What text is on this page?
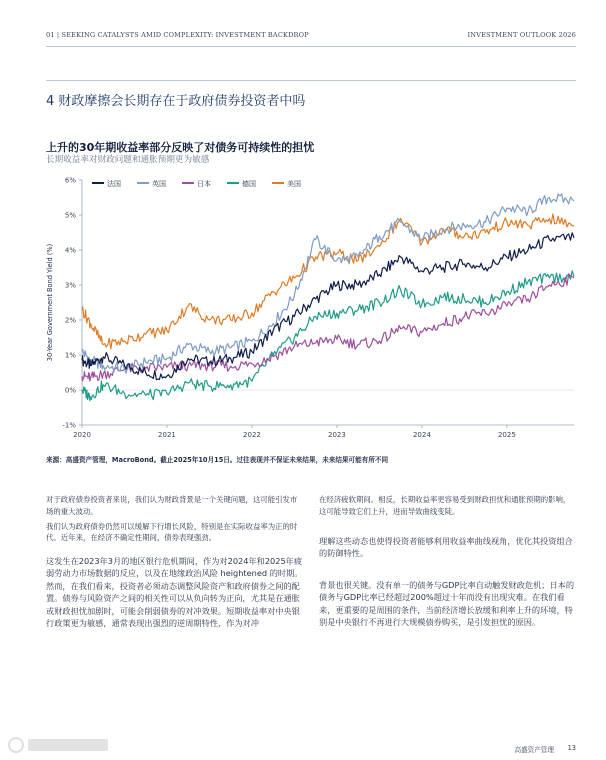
01 | SEEKING CATALYSTS AMID COMPLEXITY: INVESTMENT BACKDROP	INVESTMENT OUTLOOK 2026
4 财政摩擦会长期存在于政府债券投资者中吗
上升的30年期收益率部分反映了对债务可持续性的担忧
长期收益率对财政问题和通胀预期更为敏感
-1%
0%
1%
2%
3%
4%
5%
6%
2020	2021	2022	2023	2024	2025
30-Year Government Bond Yield (%)
法国	英国	日本	德国	美国
来源：高盛资产管理，MacroBond。截止2025年10月15日。过往表现并不保证未来结果，未来结果可能有所不同

对于政府债券投资者来说，我们认为财政背景是一个关键问题，这可能引发市场的重大波动。

我们认为政府债券仍然可以缓解下行增长风险，特别是在实际收益率为正的时代。近年来，在经济不确定性期间，债券表现强劲。

这发生在2023年3月的地区银行危机期间，作为对2024年和2025年疲弱劳动力市场数据的反应，以及在地缘政治风险 heightened 的时期。然而，在我们看来，投资者必须动态调整风险资产和政府债券之间的配置。债券与风险资产之间的相关性可以从负向转为正向，尤其是在通胀或财政担忧加剧时，可能会削弱债券的对冲效果。短期收益率对中央银行政策更为敏感，通常表现出强烈的逆周期特性，作为对冲

在经济疲软期间。相反，长期收益率更容易受到财政担忧和通胀预期的影响，这可能导致它们上升，进而导致曲线变陡。

理解这些动态也使得投资者能够利用收益率曲线视角，优化其投资组合的防御特性。

背景也很关键。没有单一的债务与GDP比率自动触发财政危机；日本的债务与GDP比率已经超过200%超过十年而没有出现灾难。在我们看来，更重要的是周围的条件，当前经济增长放缓和利率上升的环境，特别是中央银行不再进行大规模债券购买，是引发担忧的原因。

高盛资产管理 13
